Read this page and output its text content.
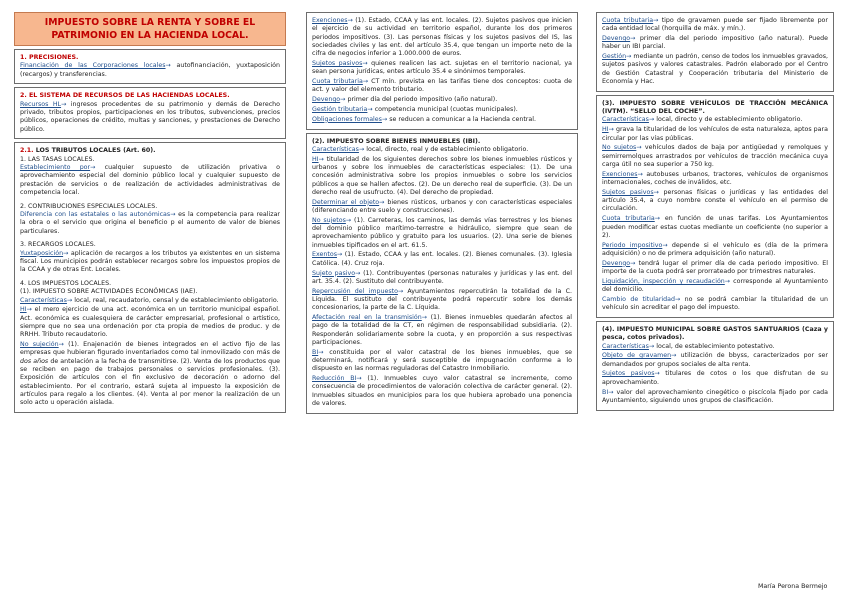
IMPUESTO SOBRE LA RENTA Y SOBRE EL PATRIMONIO EN LA HACIENDA LOCAL.
1. PRECISIONES.

Financiación de las Corporaciones locales→ autofinanciación, yuxtaposición (recargos) y transferencias.

2. EL SISTEMA DE RECURSOS DE LAS HACIENDAS LOCALES.

Recursos HL→ ingresos procedentes de su patrimonio y demás de Derecho privado, tributos propios, participaciones en los tributos, subvenciones, precios públicos, operaciones de crédito, multas y sanciones, y prestaciones de Derecho público.

2.1. LOS TRIBUTOS LOCALES (Art. 60).
1. LAS TASAS LOCALES.

Establecimiento por→ cualquier supuesto de utilización privativa o aprovechamiento especial del dominio público local y cualquier supuesto de prestación de servicios o de realización de actividades administrativas de competencia local.

2. CONTRIBUCIONES ESPECIALES LOCALES.

Diferencia con las estatales o las autonómicas→ es la competencia para realizar la obra o el servicio que origina el beneficio p el aumento de valor de bienes particulares.

3. RECARGOS LOCALES.

Yuxtaposición→ aplicación de recargos a los tributos ya existentes en un sistema fiscal. Los municipios podrán establecer recargos sobre los impuestos propios de la CCAA y de otras Ent. Locales.

4. LOS IMPUESTOS LOCALES.
(1). IMPUESTO SOBRE ACTIVIDADES ECONÓMICAS (IAE).

Características→ local, real, recaudatorio, censal y de establecimiento obligatorio.

HI→ el mero ejercicio de una act. económica en un territorio municipal español. Act. económica es cualesquiera de carácter empresarial, profesional o artístico, siempre que no sea una ordenación por cta propia de medios de produc. y de RRHH. Tributo recaudatorio.

No sujeción→ (1). Enajenación de bienes integrados en el activo fijo de las empresas que hubieran figurado inventariados como tal inmovilizado con más de dos años de antelación a la fecha de transmitirse. (2). Venta de los productos que se reciben en pago de trabajos personales o servicios profesionales. (3). Exposición de artículos con el fin exclusivo de decoración o adorno del establecimiento. Por el contrario, estará sujeta al impuesto la exposición de artículos para regalo a los clientes. (4). Venta al por menor la realización de un solo acto u operación aislada.

Exenciones→ (1). Estado, CCAA y las ent. locales. (2). Sujetos pasivos que inicien el ejercicio de su actividad en territorio español, durante los dos primeros periodos impositivos. (3). Las personas físicas y los sujetos pasivos del IS, las sociedades civiles y las ent. del artículo 35.4, que tengan un importe neto de la cifra de negocios inferior a 1.000.000 de euros.

Sujetos pasivos→ quienes realicen las act. sujetas en el territorio nacional, ya sean persona jurídicas, entes artículo 35.4 e sinónimos temporales.

Cuota tributaria→ CT mín. prevista en las tarifas tiene dos conceptos: cuota de act. y valor del elemento tributario.

Devengo→ primer día del periodo impositivo (año natural).

Gestión tributaria→ competencia municipal (cuotas municipales).

Obligaciones formales→ se reducen a comunicar a la Hacienda central.

(2). IMPUESTO SOBRE BIENES INMUEBLES (IBI).

Características→ local, directo, real y de establecimiento obligatorio.

HI→ titularidad de los siguientes derechos sobre los bienes inmuebles rústicos y urbanos y sobre los inmuebles de características especiales: (1). De una concesión administrativa sobre los propios inmuebles o sobre los servicios públicos a que se hallen afectos. (2). De un derecho real de superficie. (3). De un derecho real de usufructo. (4). Del derecho de propiedad.

Determinar el objeto→ bienes rústicos, urbanos y con características especiales (diferenciando entre suelo y construcciones).

No sujetos→ (1). Carreteras, los caminos, las demás vías terrestres y los bienes del dominio público marítimo-terrestre e hidráulico, siempre que sean de aprovechamiento público y gratuito para los usuarios. (2). Una serie de bienes inmuebles tipificados en el art. 61.5.

Exentos→ (1). Estado, CCAA y las ent. locales. (2). Bienes comunales. (3). Iglesia Católica. (4). Cruz roja.

Sujeto pasivo→ (1). Contribuyentes (personas naturales y jurídicas y las ent. del art. 35.4. (2). Sustituto del contribuyente.

Repercusión del impuesto→ Ayuntamientos repercutirán la totalidad de la C. Líquida. El sustituto del contribuyente podrá repercutir sobre los demás concesionarios, la parte de la C. Líquida.

Afectación real en la transmisión→ (1). Bienes inmuebles quedarán afectos al pago de la totalidad de la CT, en régimen de responsabilidad subsidiaria. (2). Responderán solidariamente sobre la cuota, y en proporción a sus respectivas participaciones.

BI→ constituida por el valor catastral de los bienes inmuebles, que se determinará, notificará y será susceptible de impugnación conforme a lo dispuesto en las normas reguladoras del Catastro Inmobiliario.

Reducción BI→ (1). Inmuebles cuyo valor catastral se incremente, como consecuencia de procedimientos de valoración colectiva de carácter general. (2). Inmuebles situados en municipios para los que hubiera aprobado una ponencia de valores.

Cuota tributaria→ tipo de gravamen puede ser fijado libremente por cada entidad local (horquilla de máx. y mín.).

Devengo→ primer día del periodo impositivo (año natural). Puede haber un IBI parcial.

Gestión→ mediante un padrón, censo de todos los inmuebles gravados, sujetos pasivos y valores catastrales. Padrón elaborado por el Centro de Gestión Catastral y Cooperación tributaria del Ministerio de Economía y Hac.

(3). IMPUESTO SOBRE VEHÍCULOS DE TRACCIÓN MECÁNICA (IVTM). “SELLO DEL COCHE”.

Características→ local, directo y de establecimiento obligatorio.

HI→ grava la titularidad de los vehículos de esta naturaleza, aptos para circular por las vías públicas.

No sujetos→ vehículos dados de baja por antigüedad y remolques y semirremolques arrastrados por vehículos de tracción mecánica cuya carga útil no sea superior a 750 kg.

Exenciones→ autobuses urbanos, tractores, vehículos de organismos internacionales, coches de inválidos, etc.

Sujetos pasivos→ personas físicas o jurídicas y las entidades del artículo 35.4, a cuyo nombre conste el vehículo en el permiso de circulación.

Cuota tributaria→ en función de unas tarifas. Los Ayuntamientos pueden modificar estas cuotas mediante un coeficiente (no superior a 2).

Periodo impositivo→ depende si el vehículo es (día de la primera adquisición) o no de primera adquisición (año natural).

Devengo→ tendrá lugar el primer día de cada periodo impositivo. El importe de la cuota podrá ser prorrateado por trimestres naturales.

Liquidación, inspección y recaudación→ corresponde al Ayuntamiento del domicilio.

Cambio de titularidad→ no se podrá cambiar la titularidad de un vehículo sin acreditar el pago del impuesto.

(4). IMPUESTO MUNICIPAL SOBRE GASTOS SANTUARIOS (Caza y pesca, cotos privados).

Características→ local, de establecimiento potestativo.

Objeto de gravamen→ utilización de bbyss, caracterizados por ser demandados por grupos sociales de alta renta.

Sujetos pasivos→ titulares de cotos o los que disfrutan de su aprovechamiento.

BI→ valor del aprovechamiento cinegético o piscícola fijado por cada Ayuntamiento, siguiendo unos grupos de clasificación.

María Perona Bermejo
